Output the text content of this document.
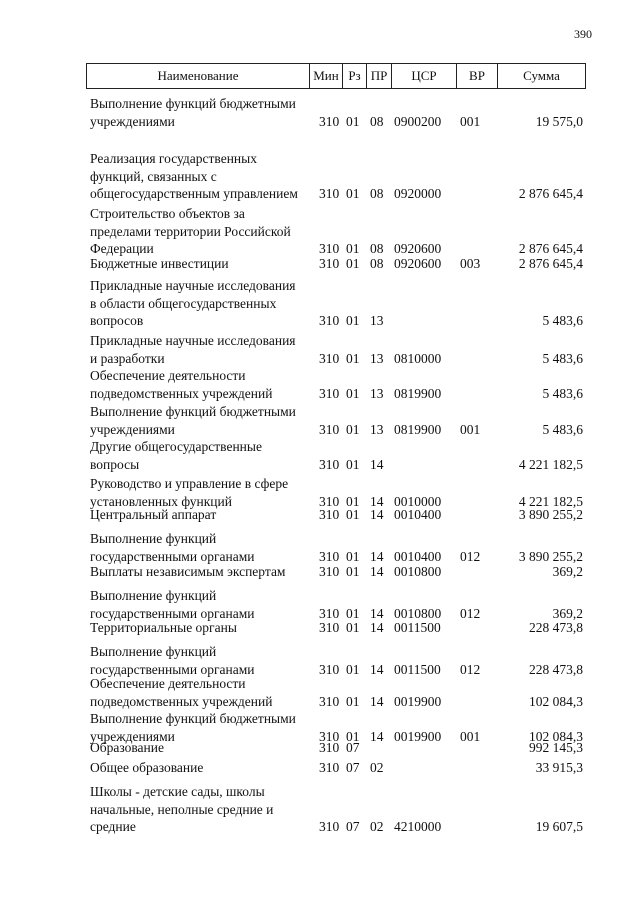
390
Наименование	Мин Рз ПР	ЦСР	ВР	Сумма
Выполнение функций бюджетными
учреждениями	310 01 08 0900200 001	19 575,0
Реализация государственных
функций, связанных с
общегосударственным управлением	310 01 08 0920000	2 876 645,4
Строительство объектов за
пределами территории Российской
Федерации	310 01 08 0920600	2 876 645,4
Бюджетные инвестиции	310 01 08 0920600 003	2 876 645,4
Прикладные научные исследования
в области общегосударственных
вопросов	310 01 13	5 483,6
Прикладные научные исследования
и разработки	310 01 13 0810000	5 483,6
Обеспечение деятельности
подведомственных учреждений	310 01 13 0819900	5 483,6
Выполнение функций бюджетными
учреждениями	310 01 13 0819900 001	5 483,6
Другие общегосударственные
вопросы	310 01 14	4 221 182,5
Руководство и управление в сфере
установленных функций	310 01 14 0010000	4 221 182,5
Центральный аппарат	310 01 14 0010400	3 890 255,2
Выполнение функций
государственными органами	310 01 14 0010400 012	3 890 255,2
Выплаты независимым экспертам	310 01 14 0010800	369,2
Выполнение функций
государственными органами	310 01 14 0010800 012	369,2
Территориальные органы	310 01 14 0011500	228 473,8
Выполнение функций
государственными органами	310 01 14 0011500 012	228 473,8
Обеспечение деятельности
подведомственных учреждений	310 01 14 0019900	102 084,3
Выполнение функций бюджетными
учреждениями	310 01 14 0019900 001	102 084,3
Образование	310 07	992 145,3
Общее образование	310 07 02	33 915,3
Школы - детские сады, школы
начальные, неполные средние и
средние	310 07 02 4210000	19 607,5
